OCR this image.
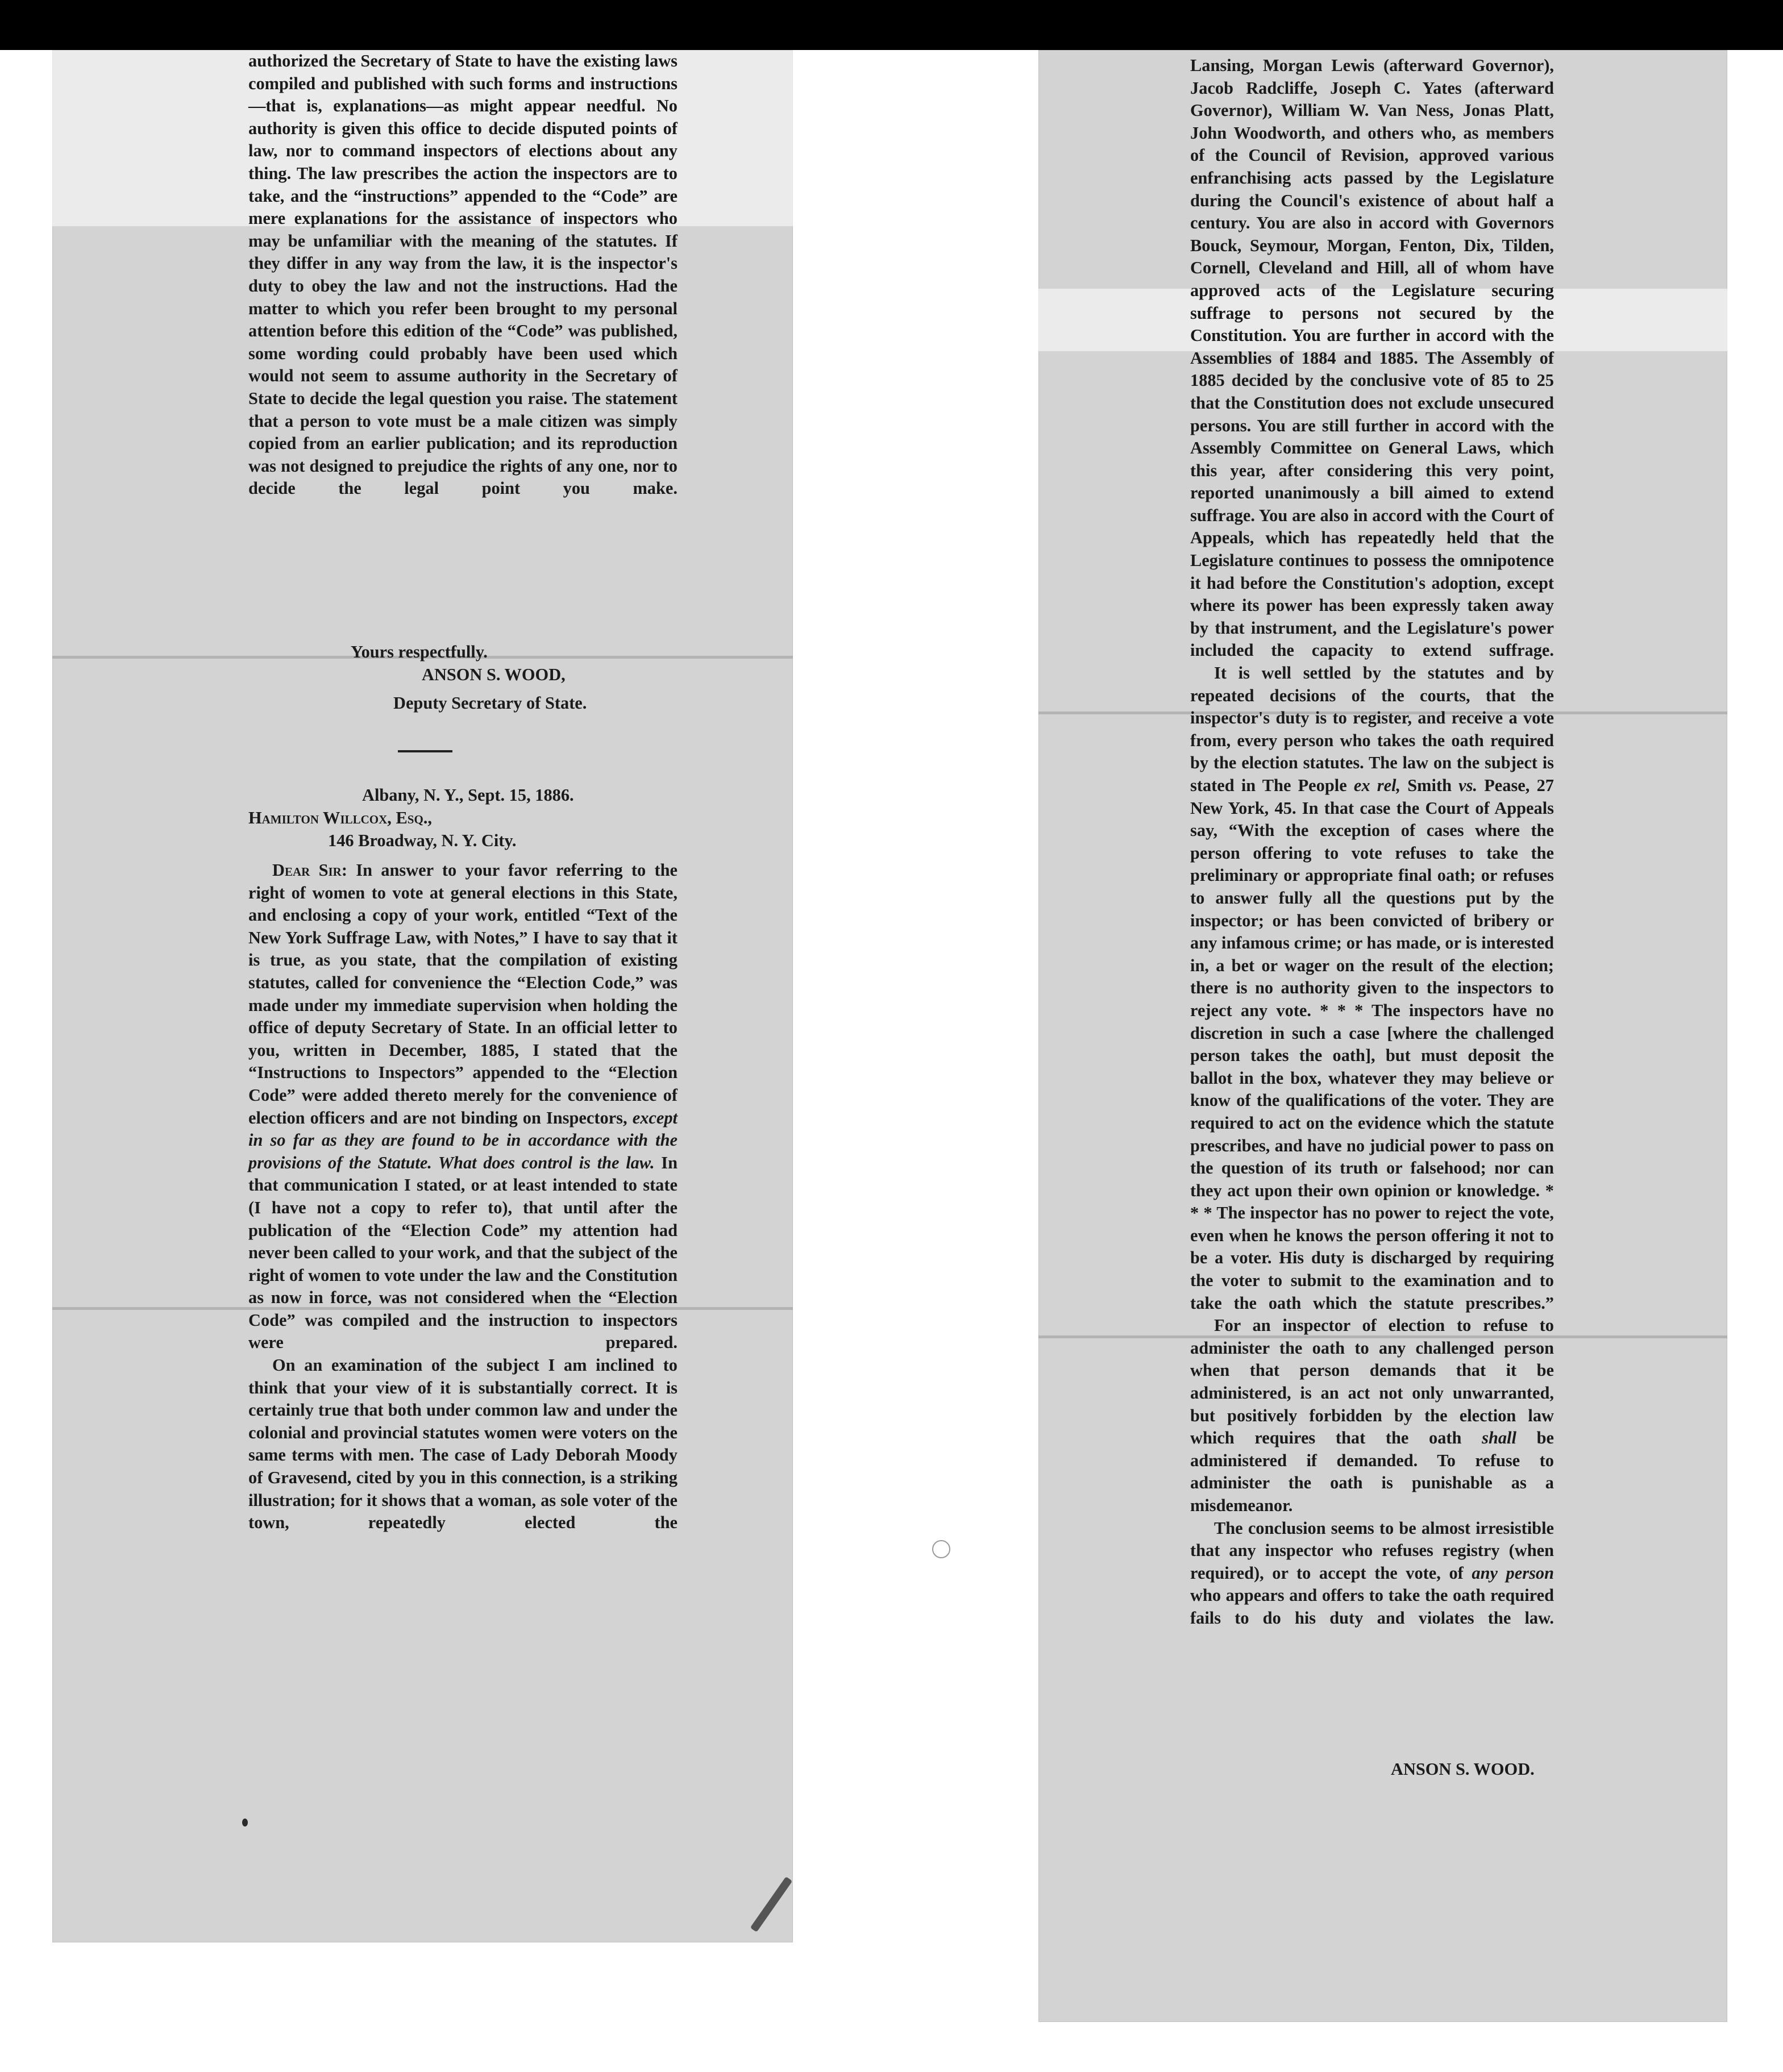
authorized the Secretary of State to have the existing laws compiled and published with such forms and instructions—that is, explanations—as might appear needful. No authority is given this office to decide disputed points of law, nor to command inspectors of elections about any thing. The law prescribes the action the inspectors are to take, and the “instructions” appended to the “Code” are mere explanations for the assistance of inspectors who may be unfamiliar with the meaning of the statutes. If they differ in any way from the law, it is the inspector's duty to obey the law and not the instructions. Had the matter to which you refer been brought to my personal attention before this edition of the “Code” was published, some wording could probably have been used which would not seem to assume authority in the Secretary of State to decide the legal question you raise. The statement that a person to vote must be a male citizen was simply copied from an earlier publication; and its reproduction was not designed to prejudice the rights of any one, nor to decide the legal point you make.

Yours respectfully.
ANSON S. WOOD,
Deputy Secretary of State.
Albany, N. Y., Sept. 15, 1886.
Hamilton Willcox, Esq.,
146 Broadway, N. Y. City.

Dear Sir: In answer to your favor referring to the right of women to vote at general elections in this State, and enclosing a copy of your work, entitled “Text of the New York Suffrage Law, with Notes,” I have to say that it is true, as you state, that the compilation of existing statutes, called for convenience the “Election Code,” was made under my immediate supervision when holding the office of deputy Secretary of State. In an official letter to you, written in December, 1885, I stated that the “Instructions to Inspectors” appended to the “Election Code” were added thereto merely for the convenience of election officers and are not binding on Inspectors, except in so far as they are found to be in accordance with the provisions of the Statute. What does control is the law. In that communication I stated, or at least intended to state (I have not a copy to refer to), that until after the publication of the “Election Code” my attention had never been called to your work, and that the subject of the right of women to vote under the law and the Constitution as now in force, was not considered when the “Election Code” was compiled and the instruction to inspectors were prepared.

On an examination of the subject I am inclined to think that your view of it is substantially correct. It is certainly true that both under common law and under the colonial and provincial statutes women were voters on the same terms with men. The case of Lady Deborah Moody of Gravesend, cited by you in this connection, is a striking illustration; for it shows that a woman, as sole voter of the town, repeatedly elected the

Lansing, Morgan Lewis (afterward Governor), Jacob Radcliffe, Joseph C. Yates (afterward Governor), William W. Van Ness, Jonas Platt, John Woodworth, and others who, as members of the Council of Revision, approved various enfranchising acts passed by the Legislature during the Council's existence of about half a century. You are also in accord with Governors Bouck, Seymour, Morgan, Fenton, Dix, Tilden, Cornell, Cleveland and Hill, all of whom have approved acts of the Legislature securing suffrage to persons not secured by the Constitution. You are further in accord with the Assemblies of 1884 and 1885. The Assembly of 1885 decided by the conclusive vote of 85 to 25 that the Constitution does not exclude unsecured persons. You are still further in accord with the Assembly Committee on General Laws, which this year, after considering this very point, reported unanimously a bill aimed to extend suffrage. You are also in accord with the Court of Appeals, which has repeatedly held that the Legislature continues to possess the omnipotence it had before the Constitution's adoption, except where its power has been expressly taken away by that instrument, and the Legislature's power included the capacity to extend suffrage.

It is well settled by the statutes and by repeated decisions of the courts, that the inspector's duty is to register, and receive a vote from, every person who takes the oath required by the election statutes. The law on the subject is stated in The People ex rel, Smith vs. Pease, 27 New York, 45. In that case the Court of Appeals say, “With the exception of cases where the person offering to vote refuses to take the preliminary or appropriate final oath; or refuses to answer fully all the questions put by the inspector; or has been convicted of bribery or any infamous crime; or has made, or is interested in, a bet or wager on the result of the election; there is no authority given to the inspectors to reject any vote. * * * The inspectors have no discretion in such a case [where the challenged person takes the oath], but must deposit the ballot in the box, whatever they may believe or know of the qualifications of the voter. They are required to act on the evidence which the statute prescribes, and have no judicial power to pass on the question of its truth or falsehood; nor can they act upon their own opinion or knowledge. * * * The inspector has no power to reject the vote, even when he knows the person offering it not to be a voter. His duty is discharged by requiring the voter to submit to the examination and to take the oath which the statute prescribes.”

For an inspector of election to refuse to administer the oath to any challenged person when that person demands that it be administered, is an act not only unwarranted, but positively forbidden by the election law which requires that the oath shall be administered if demanded. To refuse to administer the oath is punishable as a misdemeanor.

The conclusion seems to be almost irresistible that any inspector who refuses registry (when required), or to accept the vote, of any person who appears and offers to take the oath required fails to do his duty and violates the law.

ANSON S. WOOD.
